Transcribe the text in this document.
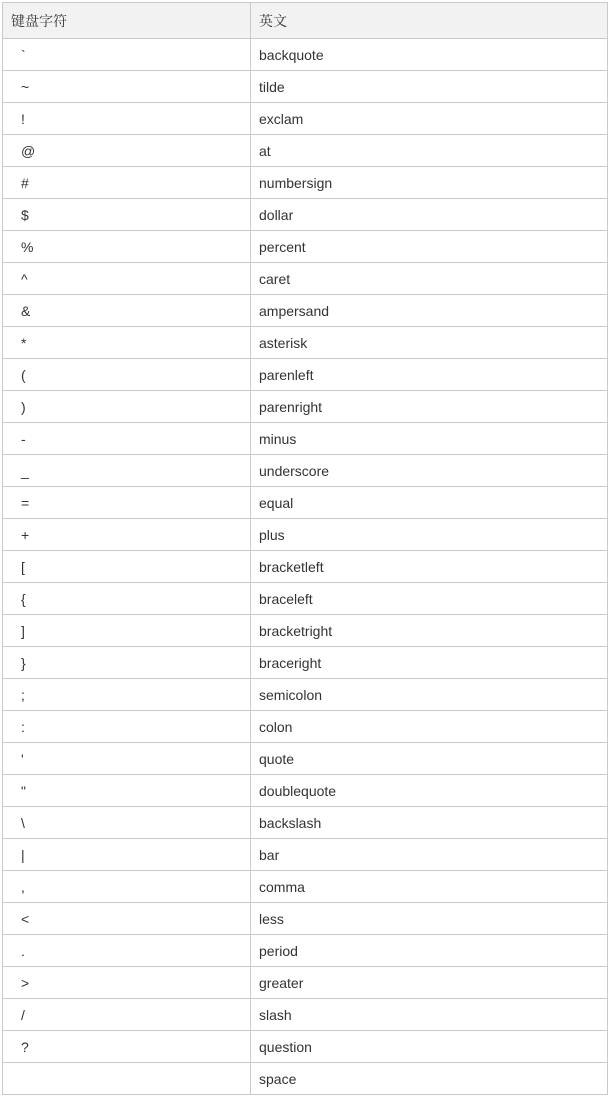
键盘字符	英文
`	backquote
~	tilde
!	exclam
@	at
#	numbersign
$	dollar
%	percent
^	caret
&	ampersand
*	asterisk
(	parenleft
)	parenright
-	minus
_	underscore
=	equal
+	plus
[	bracketleft
{	braceleft
]	bracketright
}	braceright
;	semicolon
:	colon
'	quote
"	doublequote
\	backslash
|	bar
,	comma
<	less
.	period
>	greater
/	slash
?	question
	space
